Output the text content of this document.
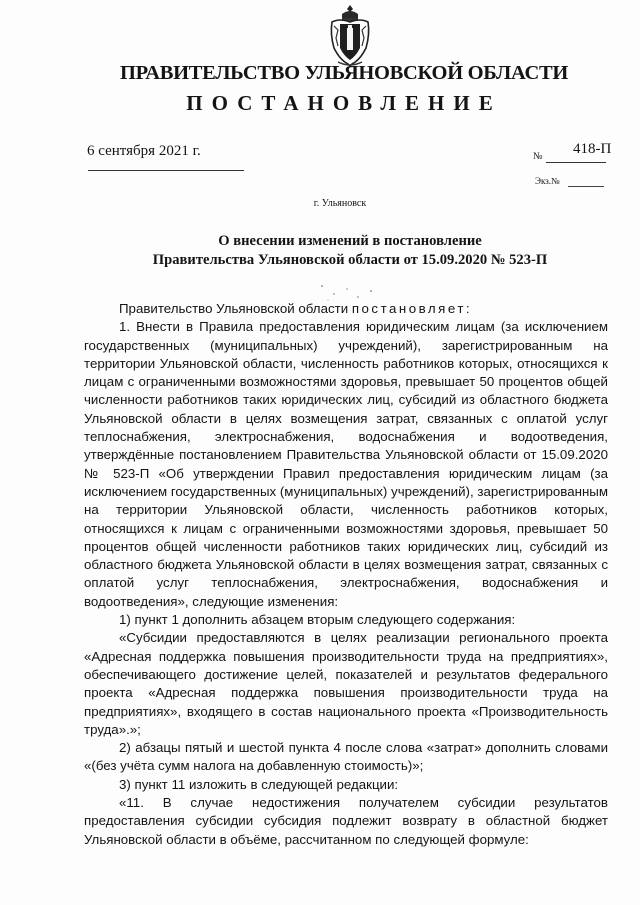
ПРАВИТЕЛЬСТВО УЛЬЯНОВСКОЙ ОБЛАСТИ
ПОСТАНОВЛЕНИЕ
6 сентября 2021 г.	№ 418-П
Экз.№
г. Ульяновск
О внесении изменений в постановление
Правительства Ульяновской области от 15.09.2020 № 523-П

Правительство Ульяновской области постановляет:

1. Внести в Правила предоставления юридическим лицам (за исключением государственных (муниципальных) учреждений), зарегистрированным на территории Ульяновской области, численность работников которых, относящихся к лицам с ограниченными возможностями здоровья, превышает 50 процентов общей численности работников таких юридических лиц, субсидий из областного бюджета Ульяновской области в целях возмещения затрат, связанных с оплатой услуг теплоснабжения, электроснабжения, водоснабжения и водоотведения, утверждённые постановлением Правительства Ульяновской области от 15.09.2020 № 523-П «Об утверждении Правил предоставления юридическим лицам (за исключением государственных (муниципальных) учреждений), зарегистрированным на территории Ульяновской области, численность работников которых, относящихся к лицам с ограниченными возможностями здоровья, превышает 50 процентов общей численности работников таких юридических лиц, субсидий из областного бюджета Ульяновской области в целях возмещения затрат, связанных с оплатой услуг теплоснабжения, электроснабжения, водоснабжения и водоотведения», следующие изменения:

1) пункт 1 дополнить абзацем вторым следующего содержания:

«Субсидии предоставляются в целях реализации регионального проекта «Адресная поддержка повышения производительности труда на предприятиях», обеспечивающего достижение целей, показателей и результатов федерального проекта «Адресная поддержка повышения производительности труда на предприятиях», входящего в состав национального проекта «Производительность труда».»;

2) абзацы пятый и шестой пункта 4 после слова «затрат» дополнить словами «(без учёта сумм налога на добавленную стоимость)»;

3) пункт 11 изложить в следующей редакции:

«11. В случае недостижения получателем субсидии результатов предоставления субсидии субсидия подлежит возврату в областной бюджет Ульяновской области в объёме, рассчитанном по следующей формуле:
